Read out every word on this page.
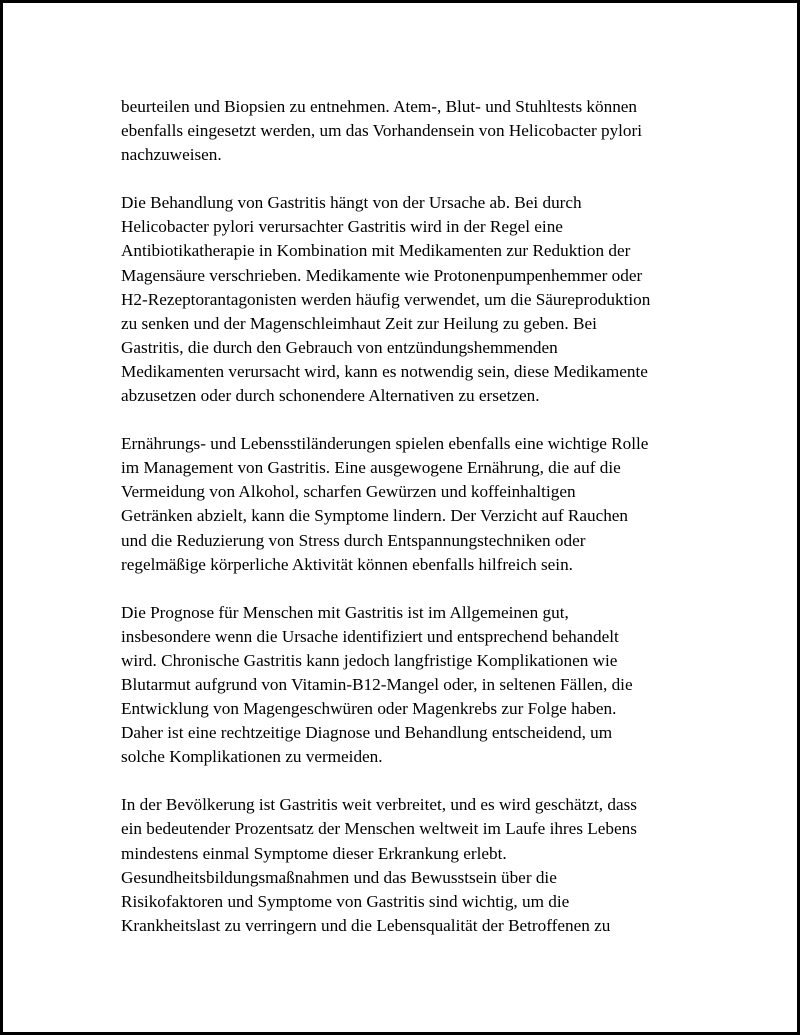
beurteilen und Biopsien zu entnehmen. Atem-, Blut- und Stuhltests können
ebenfalls eingesetzt werden, um das Vorhandensein von Helicobacter pylori
nachzuweisen.

Die Behandlung von Gastritis hängt von der Ursache ab. Bei durch
Helicobacter pylori verursachter Gastritis wird in der Regel eine
Antibiotikatherapie in Kombination mit Medikamenten zur Reduktion der
Magensäure verschrieben. Medikamente wie Protonenpumpenhemmer oder
H2-Rezeptorantagonisten werden häufig verwendet, um die Säureproduktion
zu senken und der Magenschleimhaut Zeit zur Heilung zu geben. Bei
Gastritis, die durch den Gebrauch von entzündungshemmenden
Medikamenten verursacht wird, kann es notwendig sein, diese Medikamente
abzusetzen oder durch schonendere Alternativen zu ersetzen.

Ernährungs- und Lebensstiländerungen spielen ebenfalls eine wichtige Rolle
im Management von Gastritis. Eine ausgewogene Ernährung, die auf die
Vermeidung von Alkohol, scharfen Gewürzen und koffeinhaltigen
Getränken abzielt, kann die Symptome lindern. Der Verzicht auf Rauchen
und die Reduzierung von Stress durch Entspannungstechniken oder
regelmäßige körperliche Aktivität können ebenfalls hilfreich sein.

Die Prognose für Menschen mit Gastritis ist im Allgemeinen gut,
insbesondere wenn die Ursache identifiziert und entsprechend behandelt
wird. Chronische Gastritis kann jedoch langfristige Komplikationen wie
Blutarmut aufgrund von Vitamin-B12-Mangel oder, in seltenen Fällen, die
Entwicklung von Magengeschwüren oder Magenkrebs zur Folge haben.
Daher ist eine rechtzeitige Diagnose und Behandlung entscheidend, um
solche Komplikationen zu vermeiden.

In der Bevölkerung ist Gastritis weit verbreitet, und es wird geschätzt, dass
ein bedeutender Prozentsatz der Menschen weltweit im Laufe ihres Lebens
mindestens einmal Symptome dieser Erkrankung erlebt.
Gesundheitsbildungsmaßnahmen und das Bewusstsein über die
Risikofaktoren und Symptome von Gastritis sind wichtig, um die
Krankheitslast zu verringern und die Lebensqualität der Betroffenen zu
